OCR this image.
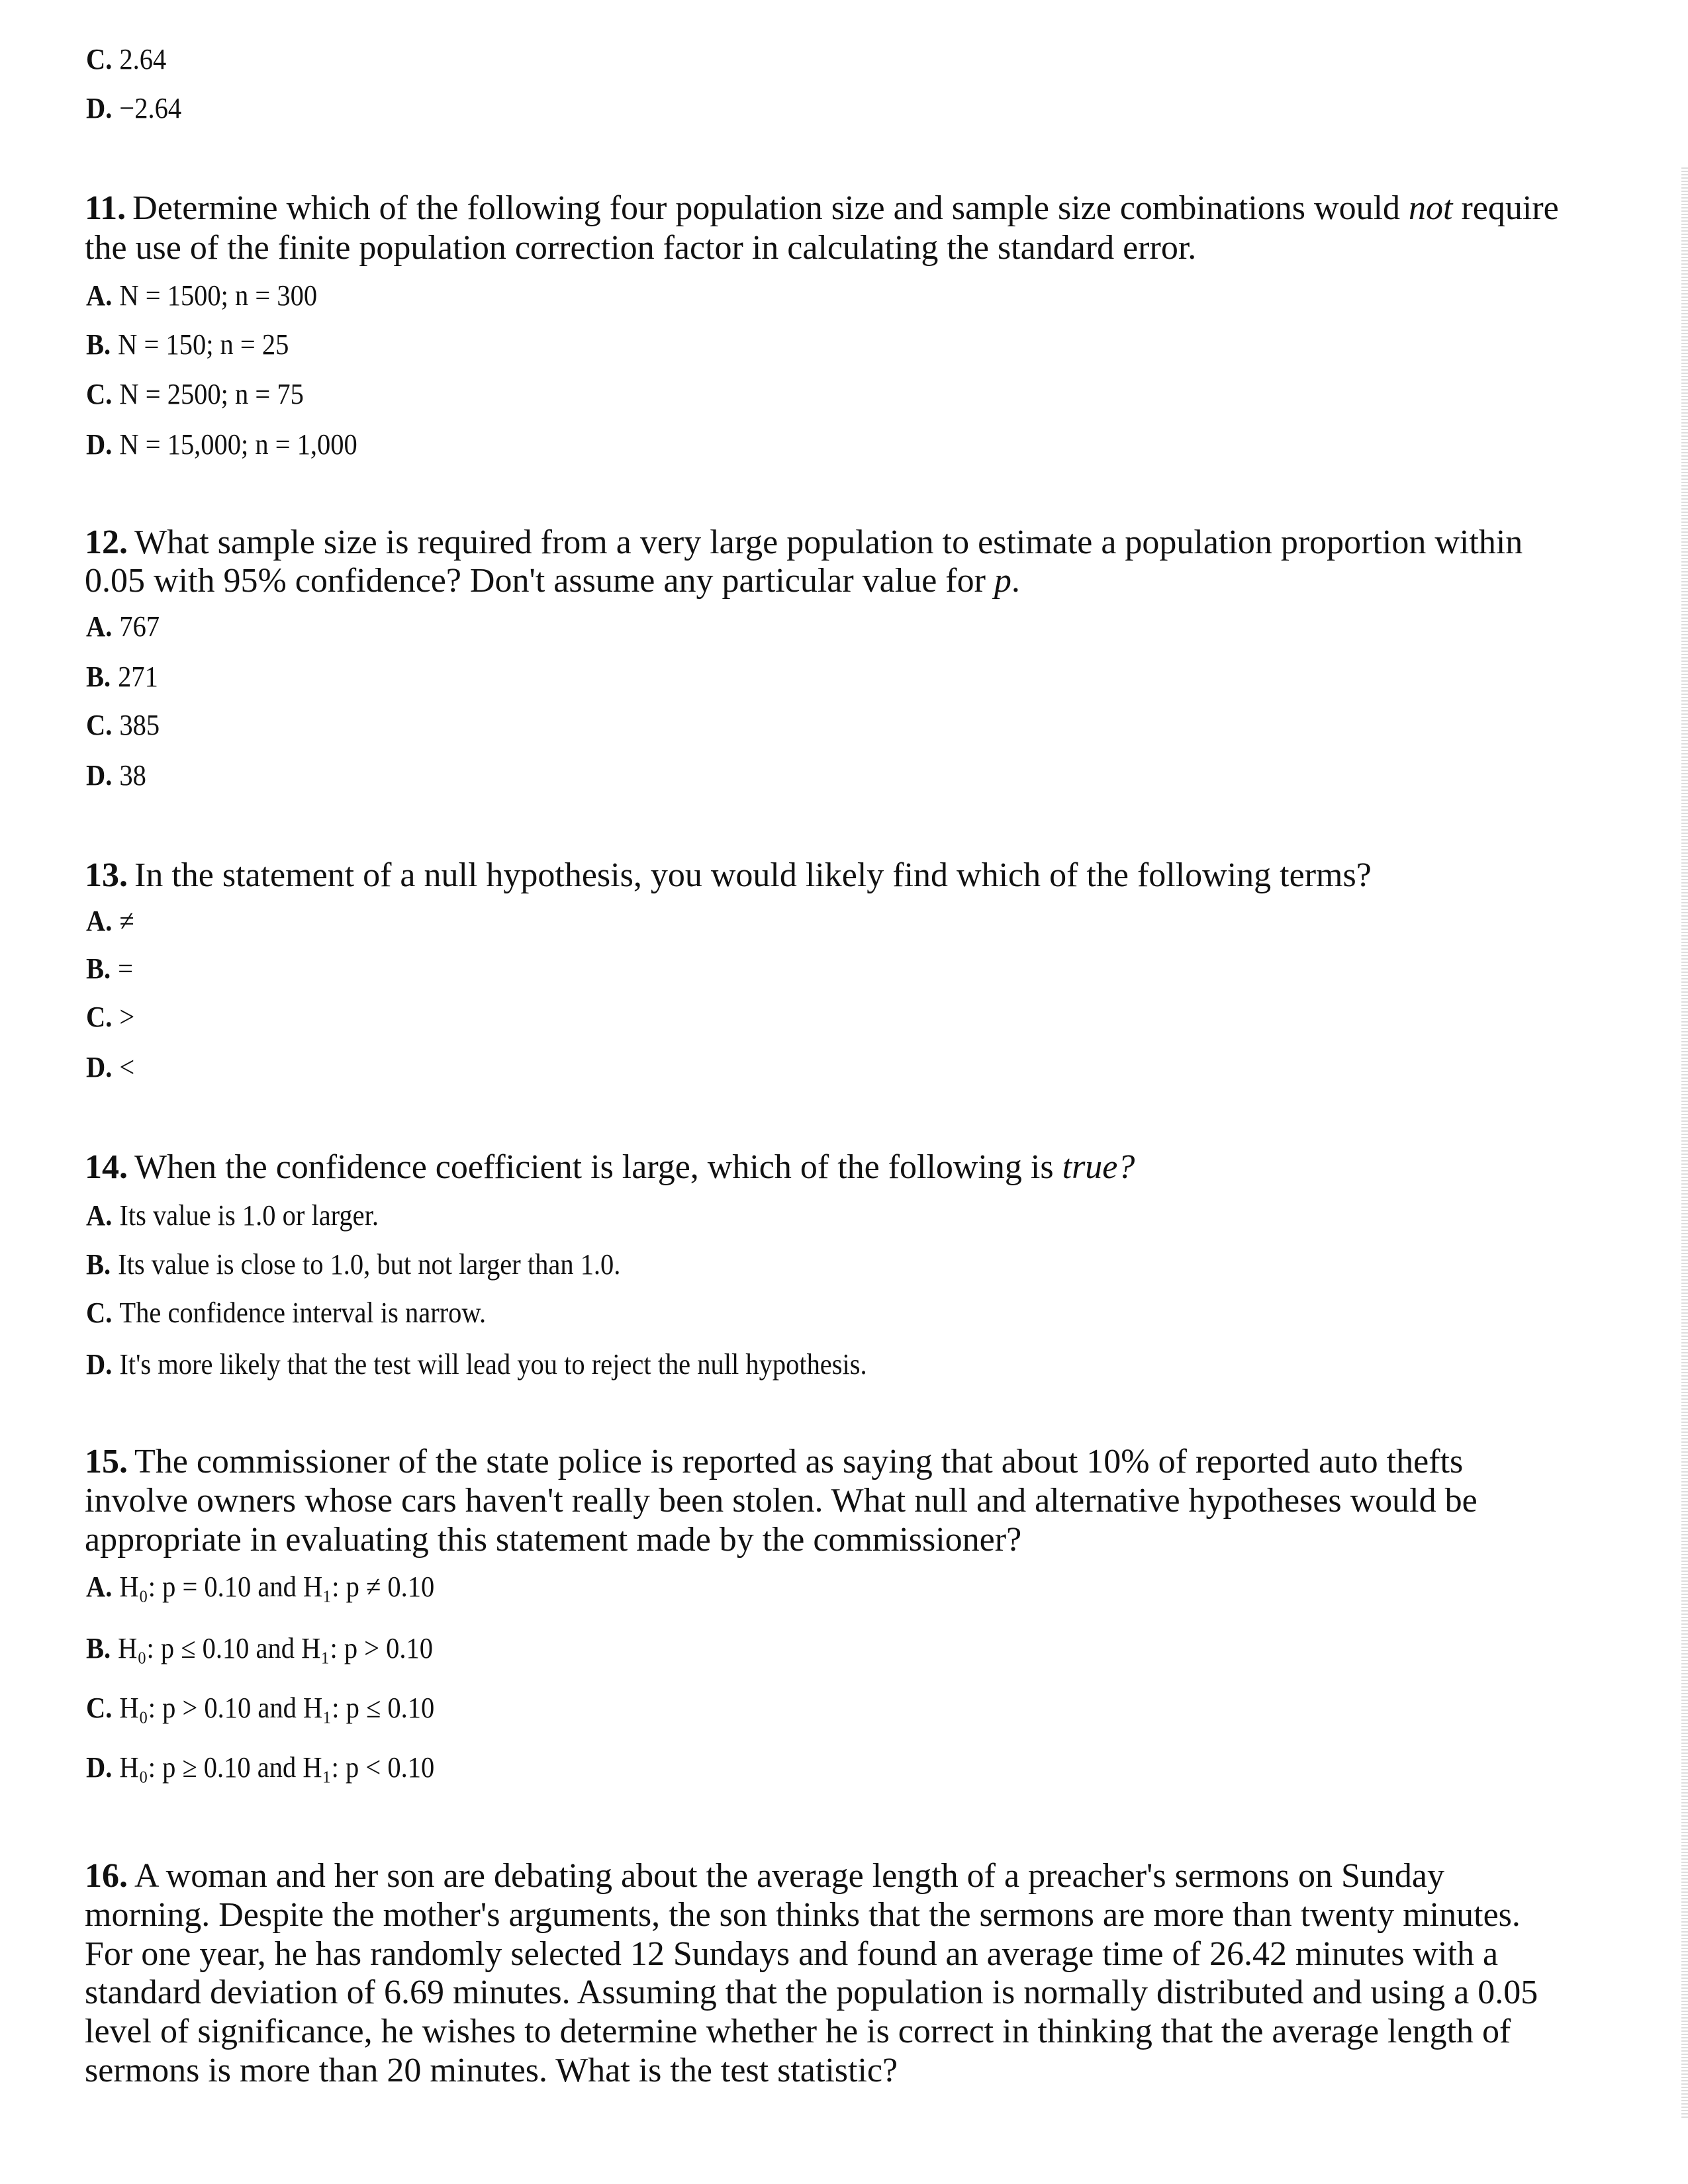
C. 2.64
D. −2.64
11. Determine which of the following four population size and sample size combinations would not require
the use of the finite population correction factor in calculating the standard error.
A. N = 1500; n = 300
B. N = 150; n = 25
C. N = 2500; n = 75
D. N = 15,000; n = 1,000
12. What sample size is required from a very large population to estimate a population proportion within
0.05 with 95% confidence? Don't assume any particular value for p.
A. 767
B. 271
C. 385
D. 38
13. In the statement of a null hypothesis, you would likely find which of the following terms?
A. ≠
B. =
C. >
D. <
14. When the confidence coefficient is large, which of the following is true?
A. Its value is 1.0 or larger.
B. Its value is close to 1.0, but not larger than 1.0.
C. The confidence interval is narrow.
D. It's more likely that the test will lead you to reject the null hypothesis.
15. The commissioner of the state police is reported as saying that about 10% of reported auto thefts
involve owners whose cars haven't really been stolen. What null and alternative hypotheses would be
appropriate in evaluating this statement made by the commissioner?
A. H₀: p = 0.10 and H₁: p ≠ 0.10
B. H₀: p ≤ 0.10 and H₁: p > 0.10
C. H₀: p > 0.10 and H₁: p ≤ 0.10
D. H₀: p ≥ 0.10 and H₁: p < 0.10
16. A woman and her son are debating about the average length of a preacher's sermons on Sunday
morning. Despite the mother's arguments, the son thinks that the sermons are more than twenty minutes.
For one year, he has randomly selected 12 Sundays and found an average time of 26.42 minutes with a
standard deviation of 6.69 minutes. Assuming that the population is normally distributed and using a 0.05
level of significance, he wishes to determine whether he is correct in thinking that the average length of
sermons is more than 20 minutes. What is the test statistic?
